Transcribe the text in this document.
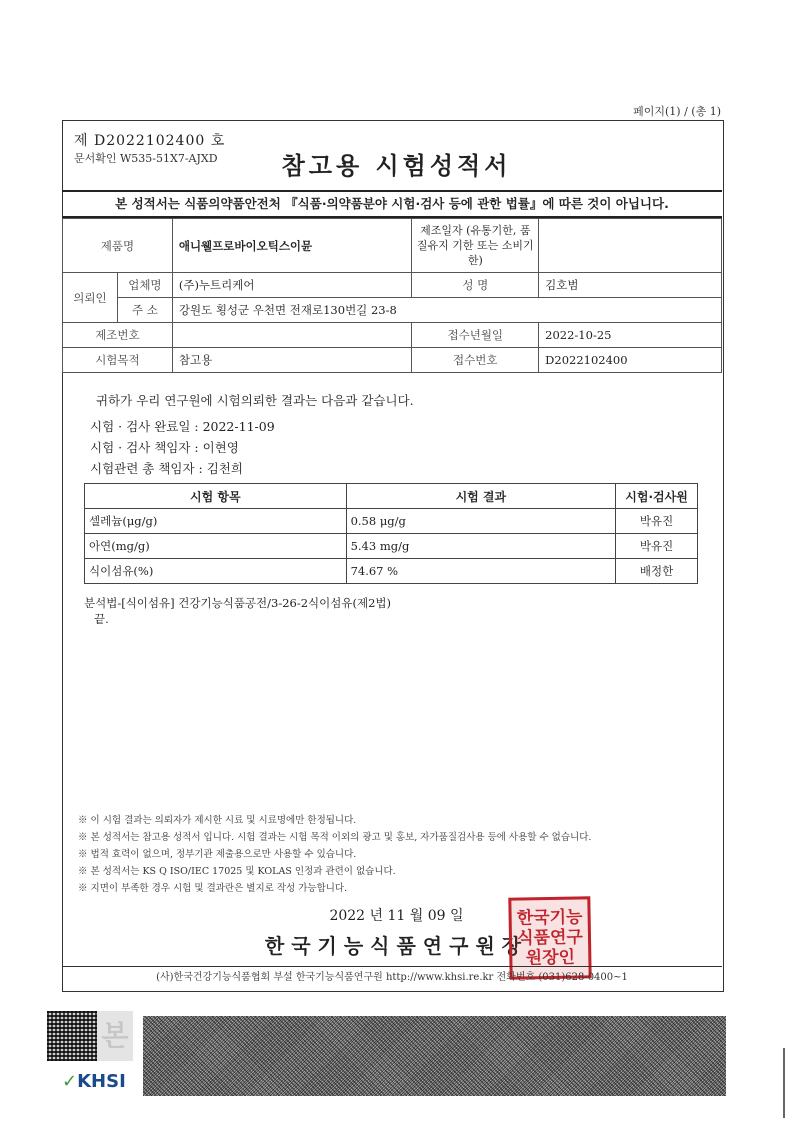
페이지(1) / (총 1)
제 D2022102400 호
문서확인 W535-51X7-AJXD	참고용 시험성적서
본 성적서는 식품의약품안전처 『식품·의약품분야 시험·검사 등에 관한 법률』에 따른 것이 아닙니다.
제품명		애니웰프로바이오틱스이뮨	제조일자 (유통기한, 품질유지 기한 또는 소비기한)	
의뢰인	업체명	(주)누트리케어	성 명	김호범
	주 소	강원도 횡성군 우천면 전재로130번길 23-8		
제조번호			접수년월일	2022-10-25
시험목적		참고용	접수번호	D2022102400
귀하가 우리 연구원에 시험의뢰한 결과는 다음과 같습니다.
시험 · 검사 완료일 : 2022-11-09
시험 · 검사 책임자 : 이현영
시험관련 총 책임자 : 김천희
시험 항목	시험 결과	시험·검사원
셀레늄(μg/g)	0.58 μg/g	박유진
아연(mg/g)	5.43 mg/g	박유진
식이섬유(%)	74.67 %	배정한
분석법-[식이섬유] 건강기능식품공전/3-26-2식이섬유(제2법)
끝.
※ 이 시험 결과는 의뢰자가 제시한 시료 및 시료명에만 한정됩니다.
※ 본 성적서는 참고용 성적서 입니다. 시험 결과는 시험 목적 이외의 광고 및 홍보, 자가품질검사용 등에 사용할 수 없습니다.
※ 법적 효력이 없으며, 정부기관 제출용으로만 사용할 수 있습니다.
※ 본 성적서는 KS Q ISO/IEC 17025 및 KOLAS 인정과 관련이 없습니다.
※ 지면이 부족한 경우 시험 및 결과란은 별지로 작성 가능합니다.
2022 년 11 월 09 일
한국기능식품연구원장
한국기능식품연구원장인
(사)한국건강기능식품협회 부설 한국기능식품연구원 http://www.khsi.re.kr 전화번호 (031)628-0400~1
본
✓KHSI
